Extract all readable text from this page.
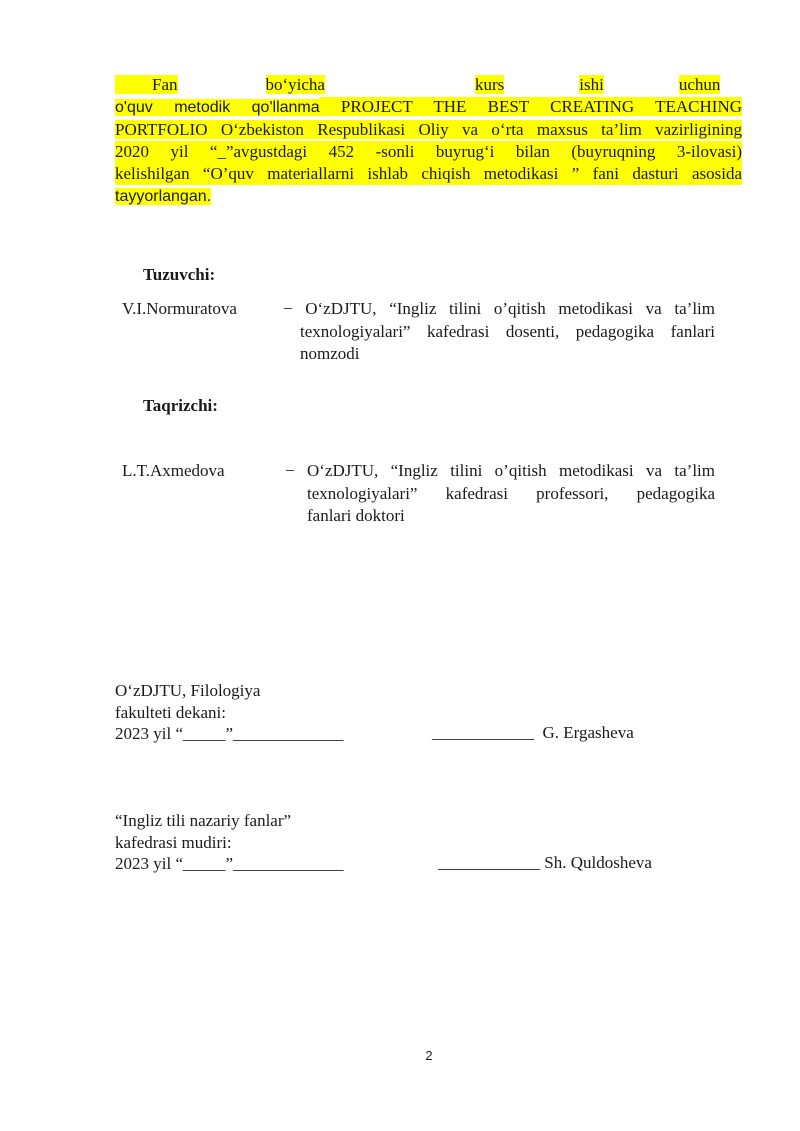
Fan	bo‘yicha	kurs	ishi	uchun
o'quv metodik qo'llanma PROJECT THE BEST CREATING TEACHING
PORTFOLIO O‘zbekiston Respublikasi Oliy va o‘rta maxsus ta’lim vazirligining
2020 yil “_”avgustdagi 452 -sonli buyrug‘i bilan (buyruqning 3-ilovasi)
kelishilgan “O’quv materiallarni ishlab chiqish metodikasi ” fani dasturi asosida
tayyorlangan.
Tuzuvchi:
V.I.Normuratova	− O‘zDJTU, “Ingliz tilini o’qitish metodikasi va ta’lim
texnologiyalari” kafedrasi dosenti, pedagogika fanlari
nomzodi
Taqrizchi:
L.T.Axmedova	− O‘zDJTU, “Ingliz tilini o’qitish metodikasi va ta’lim
texnologiyalari” kafedrasi professori, pedagogika
fanlari doktori
O‘zDJTU, Filologiya
fakulteti dekani:
2023 yil “_____”_____________	____________  G. Ergasheva
“Ingliz tili nazariy fanlar”
kafedrasi mudiri:
2023 yil “_____”_____________	____________ Sh. Quldosheva
2
